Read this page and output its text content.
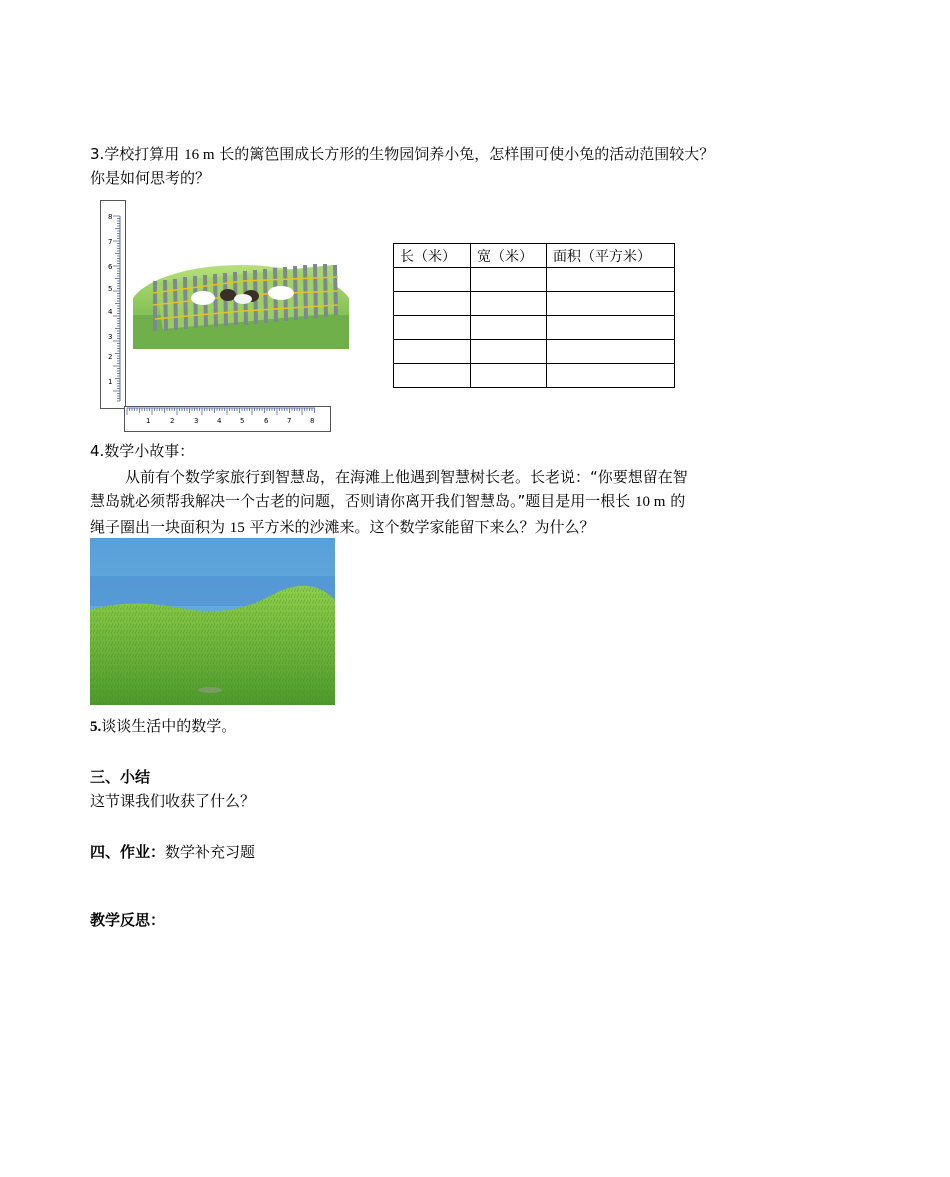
3.学校打算用 16 m 长的篱笆围成长方形的生物园饲养小兔，怎样围可使小兔的活动范围较大？
你是如何思考的？
8
7
6
5
4
3
2
1
1	2	3	4	5	6	7	8
长（米）	宽（米）	面积（平方米）

4.数学小故事：
从前有个数学家旅行到智慧岛，在海滩上他遇到智慧树长老。长老说：“你要想留在智
慧岛就必须帮我解决一个古老的问题，否则请你离开我们智慧岛。”题目是用一根长 10 m 的
绳子圈出一块面积为 15 平方米的沙滩来。这个数学家能留下来么？为什么？
5.谈谈生活中的数学。
三、小结
这节课我们收获了什么？
四、作业：数学补充习题
教学反思：
